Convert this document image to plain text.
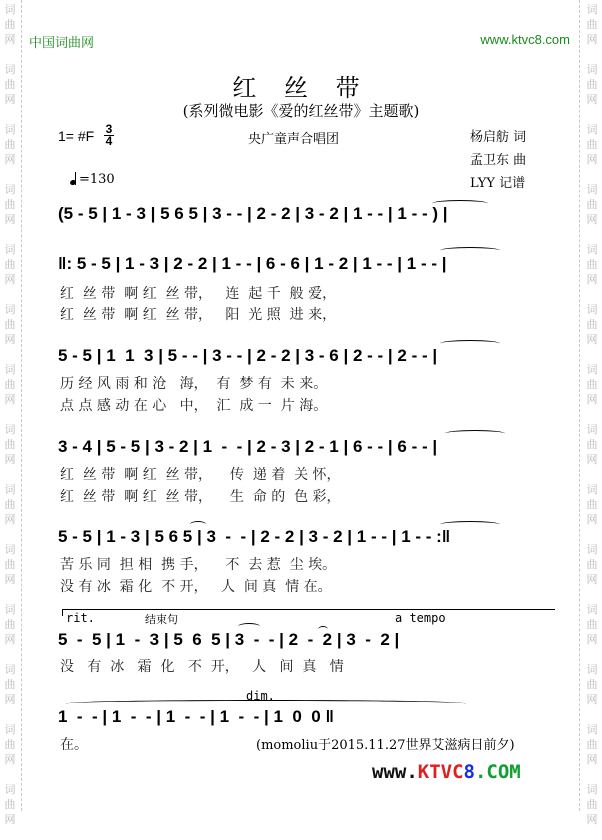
词
曲
网
词
曲
网
词
曲
网
词
曲
网
词
曲
网
词
曲
网
词
曲
网
词
曲
网
词
曲
网
词
曲
网
词
曲
网
词
曲
网
词
曲
网
词
曲
网
词
曲
网
词
曲
网
词
曲
网
词
曲
网
词
曲
网
词
曲
网
词
曲
网
词
曲
网
词
曲
网
词
曲
网
词
曲
网
词
曲
网
词
曲
网
词
曲
网
中国词曲网	www.ktvc8.com
红 丝 带
(系列微电影《爱的红丝带》主题歌)
1= #F 3
4	央广童声合唱团	杨启舫 词
孟卫东 曲
LYY 记谱
=130
(5 - 5 | 1 - 3 | 5 6 5 | 3 - - | 2 - 2 | 3 - 2 | 1 - - | 1 - - ) |
‖: 5 - 5 | 1 - 3 | 2 - 2 | 1 - - | 6 - 6 | 1 - 2 | 1 - - | 1 - - |
红  丝 带  啊 红  丝 带，   连  起 千  般 爱，
红  丝 带  啊 红  丝 带，   阳  光 照  进 来，
5 - 5 | 1  1  3 | 5 - - | 3 - - | 2 - 2 | 3 - 6 | 2 - - | 2 - - |
历 经 风 雨 和 沧   海，  有  梦 有  未 来。
点 点 感 动 在 心   中，  汇  成 一  片 海。
3 - 4 | 5 - 5 | 3 - 2 | 1  -  - | 2 - 3 | 2 - 1 | 6 - - | 6 - - |
红  丝 带  啊 红  丝 带，    传  递 着  关 怀，
红  丝 带  啊 红  丝 带，    生  命 的  色 彩，
5 - 5 | 1 - 3 | 5 6 5 | 3  -  - | 2 - 2 | 3 - 2 | 1 - - | 1 - - :‖
苦 乐 同  担 相  携 手，    不  去 惹  尘 埃。
没 有 冰  霜 化  不 开，   人  间 真  情 在。
rit.	结束句	a tempo
5  -  5 | 1  -  3 | 5  6  5 | 3  -  - | 2  -  2 | 3  -  2 |
没   有  冰   霜  化   不  开，   人   间  真   情
dim.
1  -  - | 1  -  - | 1  -  - | 1  -  - | 1  0  0 ‖
在。	(momoliu于2015.11.27世界艾滋病日前夕)
www.KTVC8.COM
